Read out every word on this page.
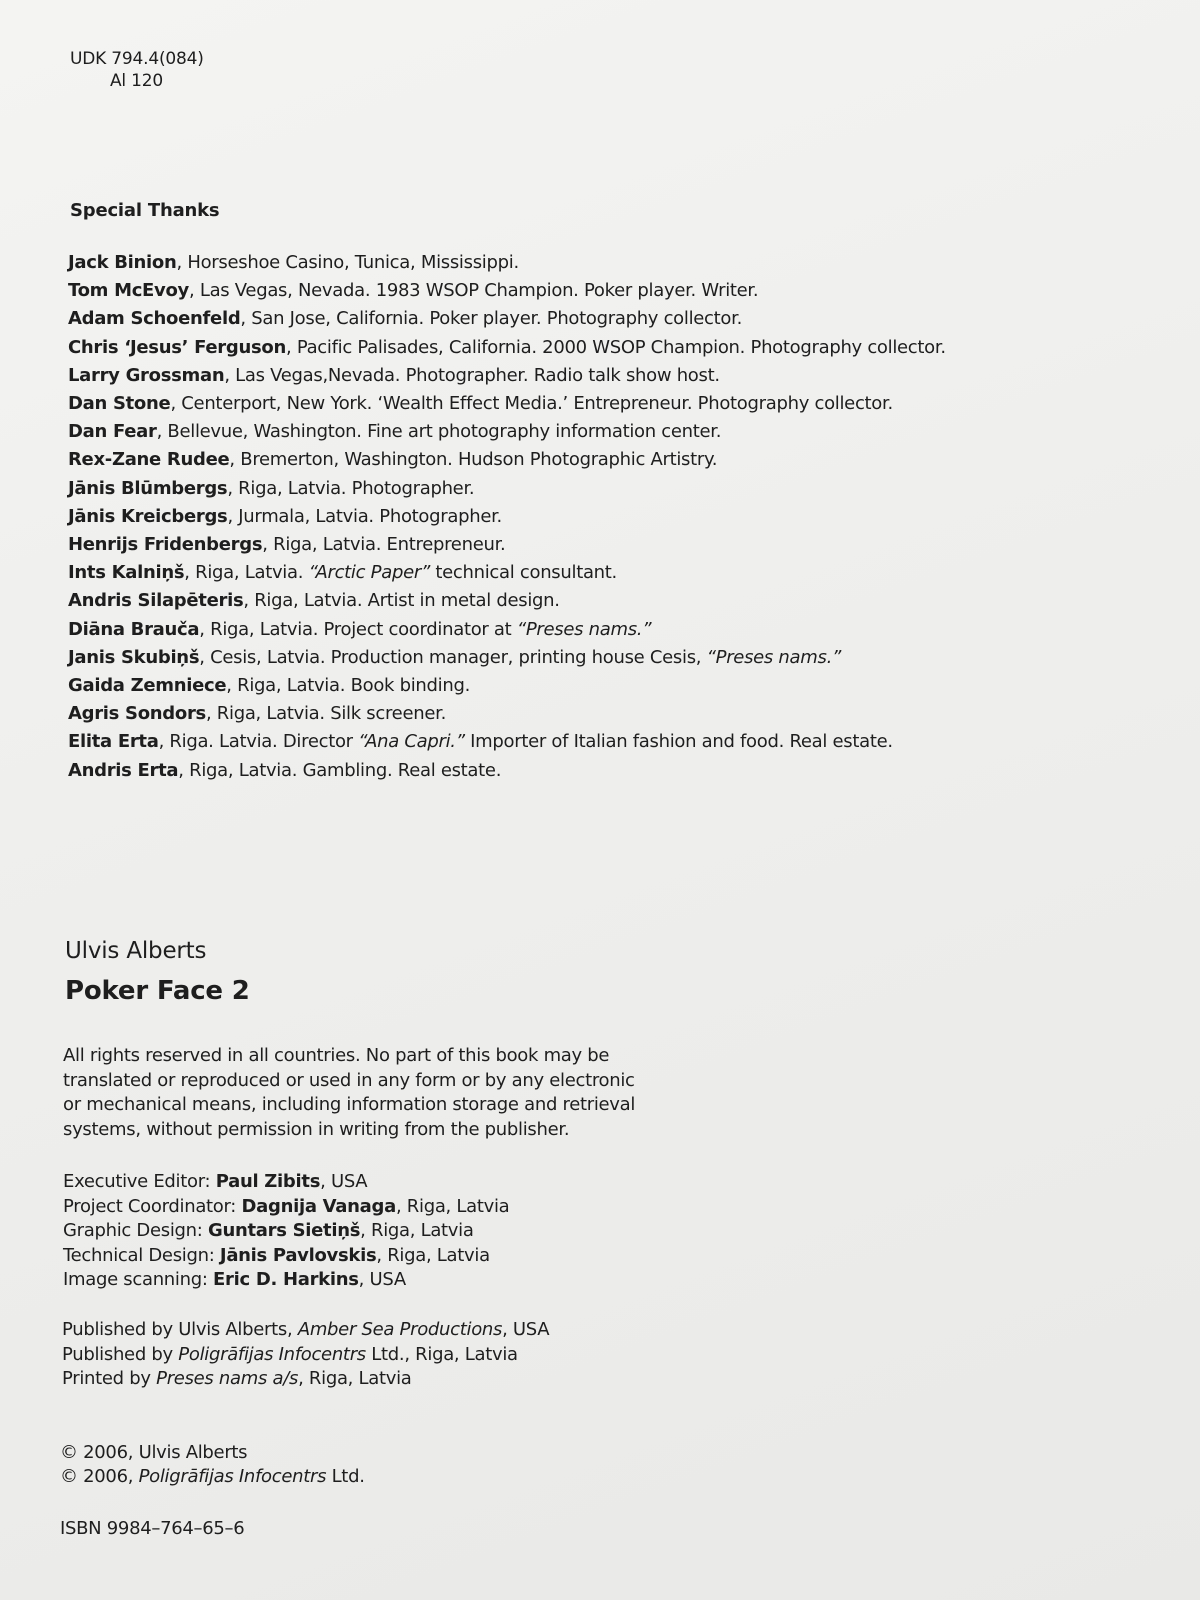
UDK 794.4(084)
Al 120
Special Thanks
Jack Binion, Horseshoe Casino, Tunica, Mississippi.
Tom McEvoy, Las Vegas, Nevada. 1983 WSOP Champion. Poker player. Writer.
Adam Schoenfeld, San Jose, California. Poker player. Photography collector.
Chris ‘Jesus’ Ferguson, Pacific Palisades, California. 2000 WSOP Champion. Photography collector.
Larry Grossman, Las Vegas,Nevada. Photographer. Radio talk show host.
Dan Stone, Centerport, New York. ‘Wealth Effect Media.’ Entrepreneur. Photography collector.
Dan Fear, Bellevue, Washington. Fine art photography information center.
Rex-Zane Rudee, Bremerton, Washington. Hudson Photographic Artistry.
Jānis Blūmbergs, Riga, Latvia. Photographer.
Jānis Kreicbergs, Jurmala, Latvia. Photographer.
Henrijs Fridenbergs, Riga, Latvia. Entrepreneur.
Ints Kalniņš, Riga, Latvia. “Arctic Paper” technical consultant.
Andris Silapēteris, Riga, Latvia. Artist in metal design.
Diāna Brauča, Riga, Latvia. Project coordinator at “Preses nams.”
Janis Skubiņš, Cesis, Latvia. Production manager, printing house Cesis, “Preses nams.”
Gaida Zemniece, Riga, Latvia. Book binding.
Agris Sondors, Riga, Latvia. Silk screener.
Elita Erta, Riga. Latvia. Director “Ana Capri.” Importer of Italian fashion and food. Real estate.
Andris Erta, Riga, Latvia. Gambling. Real estate.
Ulvis Alberts
Poker Face 2
All rights reserved in all countries. No part of this book may be
translated or reproduced or used in any form or by any electronic
or mechanical means, including information storage and retrieval
systems, without permission in writing from the publisher.
Executive Editor: Paul Zibits, USA
Project Coordinator: Dagnija Vanaga, Riga, Latvia
Graphic Design: Guntars Sietiņš, Riga, Latvia
Technical Design: Jānis Pavlovskis, Riga, Latvia
Image scanning: Eric D. Harkins, USA
Published by Ulvis Alberts, Amber Sea Productions, USA
Published by Poligrāfijas Infocentrs Ltd., Riga, Latvia
Printed by Preses nams a/s, Riga, Latvia
© 2006, Ulvis Alberts
© 2006, Poligrāfijas Infocentrs Ltd.
ISBN 9984–764–65–6
